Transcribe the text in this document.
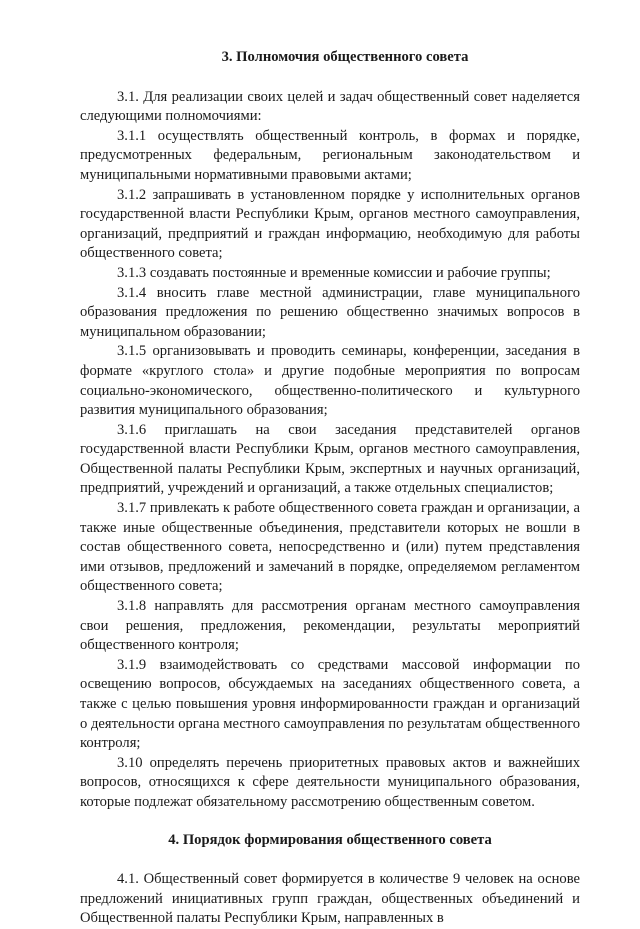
3. Полномочия общественного совета

3.1. Для реализации своих целей и задач общественный совет наделяется следующими полномочиями:

3.1.1 осуществлять общественный контроль, в формах и порядке, предусмотренных федеральным, региональным законодательством и муниципальными нормативными правовыми актами;

3.1.2 запрашивать в установленном порядке у исполнительных органов государственной власти Республики Крым, органов местного самоуправления, организаций, предприятий и граждан информацию, необходимую для работы общественного совета;

3.1.3 создавать постоянные и временные комиссии и рабочие группы;

3.1.4 вносить главе местной администрации, главе муниципального образования предложения по решению общественно значимых вопросов в муниципальном образовании;

3.1.5 организовывать и проводить семинары, конференции, заседания в формате «круглого стола» и другие подобные мероприятия по вопросам социально-экономического, общественно-политического и культурного развития муниципального образования;

3.1.6 приглашать на свои заседания представителей органов государственной власти Республики Крым, органов местного самоуправления, Общественной палаты Республики Крым, экспертных и научных организаций, предприятий, учреждений и организаций, а также отдельных специалистов;

3.1.7 привлекать к работе общественного совета граждан и организации, а также иные общественные объединения, представители которых не вошли в состав общественного совета, непосредственно и (или) путем представления ими отзывов, предложений и замечаний в порядке, определяемом регламентом общественного совета;

3.1.8 направлять для рассмотрения органам местного самоуправления свои решения, предложения, рекомендации, результаты мероприятий общественного контроля;

3.1.9 взаимодействовать со средствами массовой информации по освещению вопросов, обсуждаемых на заседаниях общественного совета, а также с целью повышения уровня информированности граждан и организаций о деятельности органа местного самоуправления по результатам общественного контроля;

3.10 определять перечень приоритетных правовых актов и важнейших вопросов, относящихся к сфере деятельности муниципального образования, которые подлежат обязательному рассмотрению общественным советом.

4. Порядок формирования общественного совета

4.1. Общественный совет формируется в количестве 9 человек на основе предложений инициативных групп граждан, общественных объединений и Общественной палаты Республики Крым, направленных в
